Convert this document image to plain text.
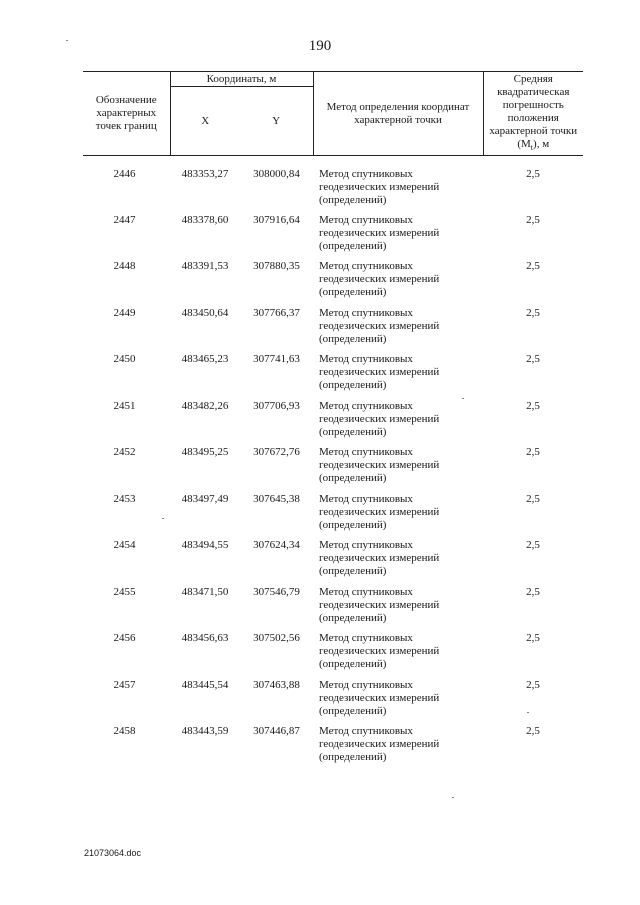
190
Обозначение характерных точек границ	Координаты, м		Метод определения координат характерной точки	Средняя квадратическая погрешность положения характерной точки $(M_t)$, м
	X	Y		
2446	483353,27	308000,84	Метод спутниковых геодезических измерений (определений)	2,5
2447	483378,60	307916,64	Метод спутниковых геодезических измерений (определений)	2,5
2448	483391,53	307880,35	Метод спутниковых геодезических измерений (определений)	2,5
2449	483450,64	307766,37	Метод спутниковых геодезических измерений (определений)	2,5
2450	483465,23	307741,63	Метод спутниковых геодезических измерений (определений)	2,5
2451	483482,26	307706,93	Метод спутниковых геодезических измерений (определений)	2,5
2452	483495,25	307672,76	Метод спутниковых геодезических измерений (определений)	2,5
2453	483497,49	307645,38	Метод спутниковых геодезических измерений (определений)	2,5
2454	483494,55	307624,34	Метод спутниковых геодезических измерений (определений)	2,5
2455	483471,50	307546,79	Метод спутниковых геодезических измерений (определений)	2,5
2456	483456,63	307502,56	Метод спутниковых геодезических измерений (определений)	2,5
2457	483445,54	307463,88	Метод спутниковых геодезических измерений (определений)	2,5
2458	483443,59	307446,87	Метод спутниковых геодезических измерений (определений)	2,5
21073064.doc
